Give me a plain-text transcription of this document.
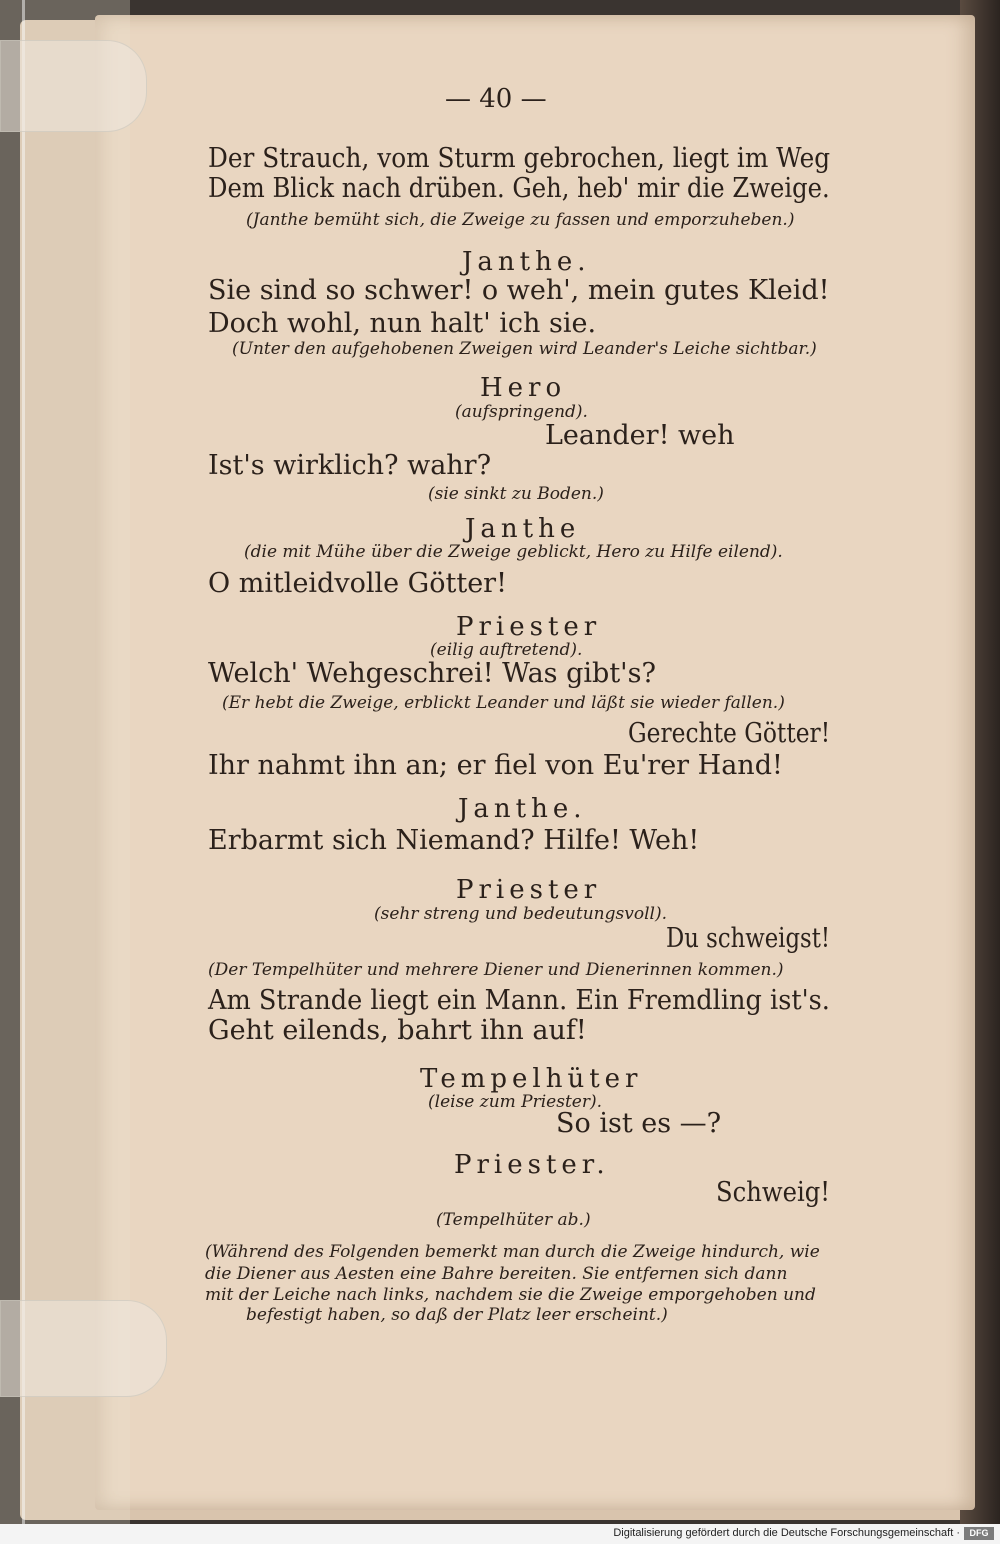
— 40 —

Der Strauch, vom Sturm gebrochen, liegt im Weg

Dem Blick nach drüben. Geh, heb' mir die Zweige.

(Janthe bemüht sich, die Zweige zu fassen und emporzuheben.)

Janthe.

Sie sind so schwer! o weh', mein gutes Kleid!

Doch wohl, nun halt' ich sie.

(Unter den aufgehobenen Zweigen wird Leander's Leiche sichtbar.)

Hero

(aufspringend).

Leander! weh

Ist's wirklich? wahr?

(sie sinkt zu Boden.)

Janthe

(die mit Mühe über die Zweige geblickt, Hero zu Hilfe eilend).

O mitleidvolle Götter!

Priester

(eilig auftretend).

Welch' Wehgeschrei! Was gibt's?

(Er hebt die Zweige, erblickt Leander und läßt sie wieder fallen.)

Gerechte Götter!

Ihr nahmt ihn an; er fiel von Eu'rer Hand!

Janthe.

Erbarmt sich Niemand? Hilfe! Weh!

Priester

(sehr streng und bedeutungsvoll).

Du schweigst!

(Der Tempelhüter und mehrere Diener und Dienerinnen kommen.)

Am Strande liegt ein Mann. Ein Fremdling ist's.

Geht eilends, bahrt ihn auf!

Tempelhüter

(leise zum Priester).

So ist es —?

Priester.

Schweig!

(Tempelhüter ab.)

(Während des Folgenden bemerkt man durch die Zweige hindurch, wie

die Diener aus Aesten eine Bahre bereiten. Sie entfernen sich dann

mit der Leiche nach links, nachdem sie die Zweige emporgehoben und

befestigt haben, so daß der Platz leer erscheint.)

Digitalisierung gefördert durch die Deutsche Forschungsgemeinschaft ·	DFG
